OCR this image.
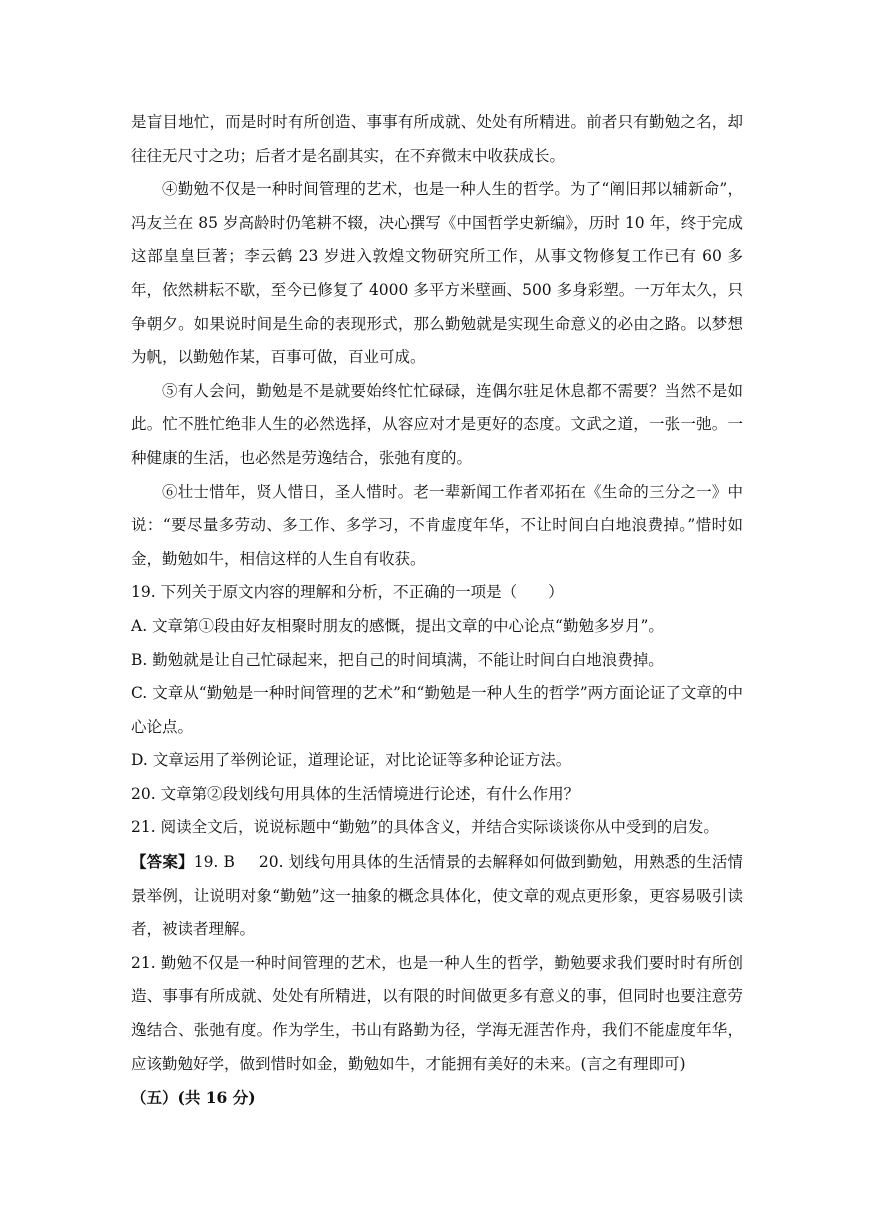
是盲目地忙，而是时时有所创造、事事有所成就、处处有所精进。前者只有勤勉之名，却往往无尺寸之功；后者才是名副其实，在不弃微末中收获成长。

④勤勉不仅是一种时间管理的艺术，也是一种人生的哲学。为了“阐旧邦以辅新命”，冯友兰在 85 岁高龄时仍笔耕不辍，决心撰写《中国哲学史新编》，历时 10 年，终于完成这部皇皇巨著；李云鹤 23 岁进入敦煌文物研究所工作，从事文物修复工作已有 60 多年，依然耕耘不歇，至今已修复了 4000 多平方米壁画、500 多身彩塑。一万年太久，只争朝夕。如果说时间是生命的表现形式，那么勤勉就是实现生命意义的必由之路。以梦想为帆，以勤勉作某，百事可做，百业可成。

⑤有人会问，勤勉是不是就要始终忙忙碌碌，连偶尔驻足休息都不需要？当然不是如此。忙不胜忙绝非人生的必然选择，从容应对才是更好的态度。文武之道，一张一弛。一种健康的生活，也必然是劳逸结合，张弛有度的。

⑥壮士惜年，贤人惜日，圣人惜时。老一辈新闻工作者邓拓在《生命的三分之一》中说：“要尽量多劳动、多工作、多学习，不肯虚度年华，不让时间白白地浪费掉。”惜时如金，勤勉如牛，相信这样的人生自有收获。

19. 下列关于原文内容的理解和分析，不正确的一项是（　　）

A. 文章第①段由好友相聚时朋友的感慨，提出文章的中心论点“勤勉多岁月”。

B. 勤勉就是让自己忙碌起来，把自己的时间填满，不能让时间白白地浪费掉。

C. 文章从“勤勉是一种时间管理的艺术”和“勤勉是一种人生的哲学”两方面论证了文章的中心论点。

D. 文章运用了举例论证，道理论证，对比论证等多种论证方法。

20. 文章第②段划线句用具体的生活情境进行论述，有什么作用？

21. 阅读全文后，说说标题中“勤勉”的具体含义，并结合实际谈谈你从中受到的启发。

【答案】19. B 20. 划线句用具体的生活情景的去解释如何做到勤勉，用熟悉的生活情景举例，让说明对象“勤勉”这一抽象的概念具体化，使文章的观点更形象，更容易吸引读者，被读者理解。

21. 勤勉不仅是一种时间管理的艺术，也是一种人生的哲学，勤勉要求我们要时时有所创造、事事有所成就、处处有所精进，以有限的时间做更多有意义的事，但同时也要注意劳逸结合、张弛有度。作为学生，书山有路勤为径，学海无涯苦作舟，我们不能虚度年华，应该勤勉好学，做到惜时如金，勤勉如牛，才能拥有美好的未来。(言之有理即可)

（五）(共 16 分)
